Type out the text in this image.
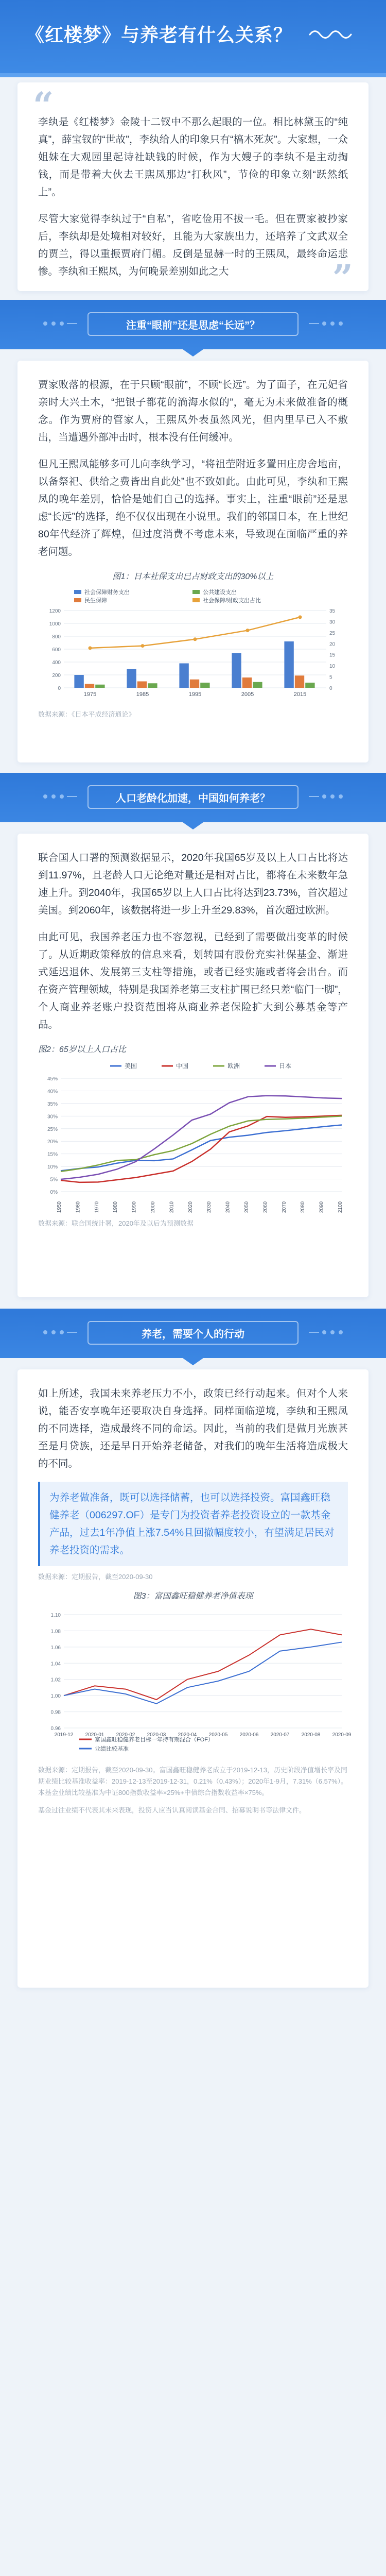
《红楼梦》与养老有什么关系？
“

李纨是《红楼梦》金陵十二钗中不那么起眼的一位。相比林黛玉的“纯真”，薛宝钗的“世故”，李纨给人的印象只有“槁木死灰”。大家想，一众姐妹在大观园里起诗社缺钱的时候，作为大嫂子的李纨不是主动掏钱，而是带着大伙去王熙凤那边“打秋风”，节俭的印象立刻“跃然纸上”。

尽管大家觉得李纨过于“自私”，省吃俭用不拔一毛。但在贾家被抄家后，李纨却是处境相对较好，且能为大家族出力，还培养了文武双全的贾兰，得以重振贾府门楣。反倒是显赫一时的王熙凤，最终命运悲惨。李纨和王熙凤，为何晚景差别如此之大	”
注重“眼前”还是思虑“长远”？

贾家败落的根源，在于只顾“眼前”，不顾“长远”。为了面子，在元妃省亲时大兴土木，“把银子都花的淌海水似的”，毫无为未来做准备的概念。作为贾府的管家人，王熙凤外表虽然风光，但内里早已入不敷出，当遭遇外部冲击时，根本没有任何缓冲。

但凡王熙凤能够多可儿向李纨学习，“将祖茔附近多置田庄房舍地亩，以备祭祀、供给之费皆出自此处”也不致如此。由此可见，李纨和王熙凤的晚年差别，恰恰是她们自己的选择。事实上，注重“眼前”还是思虑“长远”的选择，绝不仅仅出现在小说里。我们的邻国日本，在上世纪80年代经济了辉煌，但过度消费不考虑未来，导致现在面临严重的养老问题。

图1：日本社保支出已占财政支出的30%以上
0
200
400
600
800
1000
1200
0
5
10
15
20
25
30
35
1975	1985	1995	2005	2015
社会保障财务支出
民生保障
公共建设支出
社会保障/财政支出占比
数据来源：《日本平成经济通论》
人口老龄化加速，中国如何养老？

联合国人口署的预测数据显示，2020年我国65岁及以上人口占比将达到11.97%，且老龄人口无论绝对量还是相对占比，都将在未来数年急速上升。到2040年，我国65岁以上人口占比将达到23.73%，首次超过美国。到2060年，该数据将进一步上升至29.83%，首次超过欧洲。

由此可见，我国养老压力也不容忽视，已经到了需要做出变革的时候了。从近期政策释放的信息来看，划转国有股份充实社保基金、渐进式延迟退休、发展第三支柱等措施，或者已经实施或者将会出台。而在资产管理领域，特别是我国养老第三支柱扩围已经只差“临门一脚”，个人商业养老账户投资范围将从商业养老保险扩大到公募基金等产品。

图2：65岁以上人口占比
0%
5%
10%
15%
20%
25%
30%
35%
40%
45%
1950	1960	1970	1980	1990	2000	2010	2020	2030	2040	2050	2060	2070	2080	2090	2100
美国	中国	欧洲	日本
数据来源：联合国统计署，2020年及以后为预测数据
养老，需要个人的行动

如上所述，我国未来养老压力不小，政策已经行动起来。但对个人来说，能否安享晚年还要取决自身选择。同样面临逆境，李纨和王熙凤的不同选择，造成最终不同的命运。因此，当前的我们是做月光族甚至是月贷族，还是早日开始养老储备，对我们的晚年生活将造成极大的不同。

为养老做准备，既可以选择储蓄，也可以选择投资。富国鑫旺稳健养老（006297.OF）是专门为投资者养老投资设立的一款基金产品，过去1年净值上涨7.54%且回撤幅度较小，有望满足居民对养老投资的需求。
数据来源：定期报告，截至2020-09-30
图3：富国鑫旺稳健养老净值表现
0.96
0.98
1.00
1.02
1.04
1.06
1.08
1.10
2019-12 2020-01 2020-02 2020-03 2020-04 2020-05 2020-06 2020-07 2020-08 2020-09
富国鑫旺稳健养老目标一年持有期混合（FOF）
业绩比较基准
数据来源：定期报告，截至2020-09-30。富国鑫旺稳健养老成立于2019-12-13，历史阶段净值增长率及同期业绩比较基准收益率：2019-12-13至2019-12-31，0.21%（0.43%）；2020年1-9月，7.31%（6.57%）。本基金业绩比较基准为中证800指数收益率×25%+中债综合指数收益率×75%。
基金过往业绩不代表其未来表现，投资人应当认真阅读基金合同、招募说明书等法律文件。
